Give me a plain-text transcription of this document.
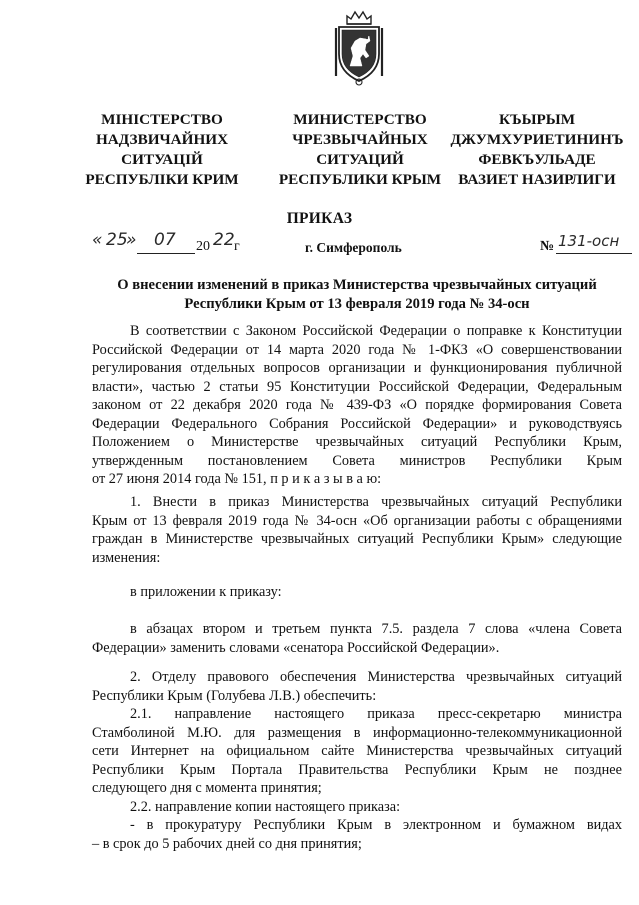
МІНІСТЕРСТВО
НАДЗВИЧАЙНИХ
СИТУАЦІЙ
РЕСПУБЛІКИ КРИМ
МИНИСТЕРСТВО
ЧРЕЗВЫЧАЙНЫХ
СИТУАЦИЙ
РЕСПУБЛИКИ КРЫМ
КЪЫРЫМ
ДЖУМХУРИЕТИНИНЪ
ФЕВКЪУЛЬАДЕ
ВАЗИЕТ НАЗИРЛИГИ
ПРИКАЗ
« 25
» 07 20 22 г	г. Симферополь	№ 131-осн
О внесении изменений в приказ Министерства чрезвычайных ситуаций
Республики Крым от 13 февраля 2019 года № 34-осн
В соответствии с Законом Российской Федерации о поправке к Конституции
Российской Федерации от 14 марта 2020 года № 1-ФКЗ «О совершенствовании
регулирования отдельных вопросов организации и функционирования публичной
власти», частью 2 статьи 95 Конституции Российской Федерации, Федеральным
законом от 22 декабря 2020 года № 439-ФЗ «О порядке формирования Совета
Федерации Федерального Собрания Российской Федерации» и руководствуясь
Положением о Министерстве чрезвычайных ситуаций Республики Крым,
утвержденным постановлением Совета министров Республики Крым
от 27 июня 2014 года № 151, п р и к а з ы в а ю:
1. Внести в приказ Министерства чрезвычайных ситуаций Республики
Крым от 13 февраля 2019 года № 34-осн «Об организации работы с обращениями
граждан в Министерстве чрезвычайных ситуаций Республики Крым» следующие
изменения:
в приложении к приказу:
в абзацах втором и третьем пункта 7.5. раздела 7 слова «члена Совета
Федерации» заменить словами «сенатора Российской Федерации».
2. Отделу правового обеспечения Министерства чрезвычайных ситуаций
Республики Крым (Голубева Л.В.) обеспечить:
2.1. направление настоящего приказа пресс-секретарю министра
Стамболиной М.Ю. для размещения в информационно-телекоммуникационной
сети Интернет на официальном сайте Министерства чрезвычайных ситуаций
Республики Крым Портала Правительства Республики Крым не позднее
следующего дня с момента принятия;
2.2. направление копии настоящего приказа:
- в прокуратуру Республики Крым в электронном и бумажном видах
– в срок до 5 рабочих дней со дня принятия;
